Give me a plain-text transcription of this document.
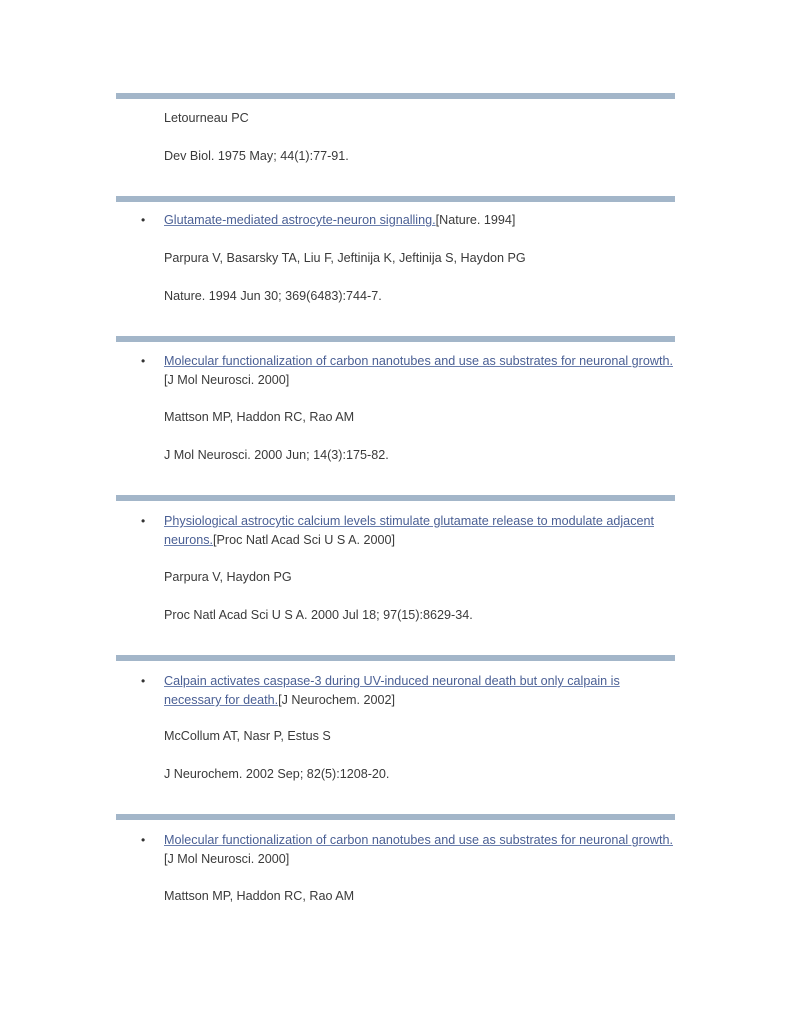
Letourneau PC
Dev Biol. 1975 May; 44(1):77-91.
• Glutamate-mediated astrocyte-neuron signalling.[Nature. 1994]
Parpura V, Basarsky TA, Liu F, Jeftinija K, Jeftinija S, Haydon PG
Nature. 1994 Jun 30; 369(6483):744-7.
• Molecular functionalization of carbon nanotubes and use as substrates for neuronal growth.[J Mol Neurosci. 2000]
Mattson MP, Haddon RC, Rao AM
J Mol Neurosci. 2000 Jun; 14(3):175-82.
• Physiological astrocytic calcium levels stimulate glutamate release to modulate adjacent neurons.[Proc Natl Acad Sci U S A. 2000]
Parpura V, Haydon PG
Proc Natl Acad Sci U S A. 2000 Jul 18; 97(15):8629-34.
• Calpain activates caspase-3 during UV-induced neuronal death but only calpain is necessary for death.[J Neurochem. 2002]
McCollum AT, Nasr P, Estus S
J Neurochem. 2002 Sep; 82(5):1208-20.
• Molecular functionalization of carbon nanotubes and use as substrates for neuronal growth.[J Mol Neurosci. 2000]
Mattson MP, Haddon RC, Rao AM
